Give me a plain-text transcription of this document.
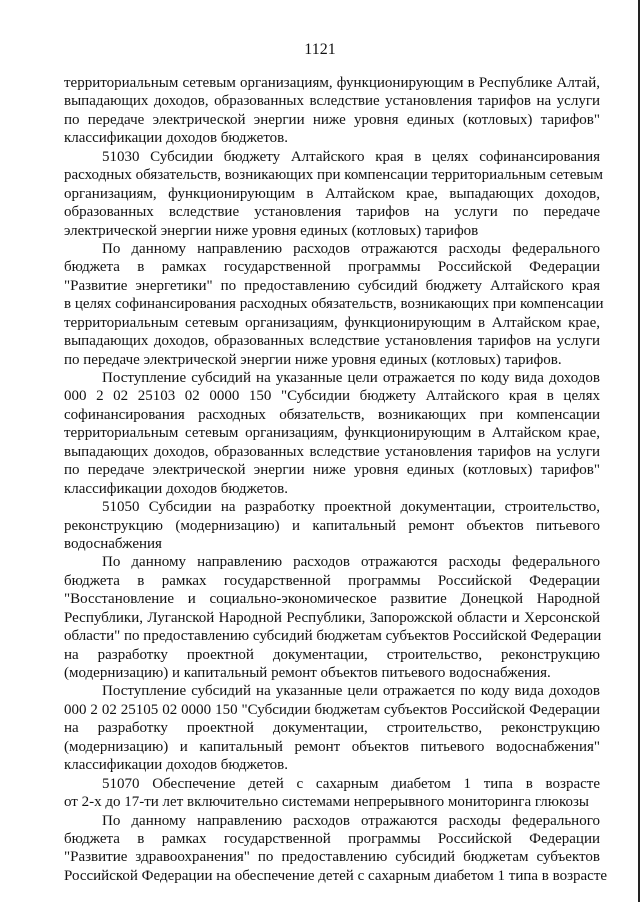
1121
территориальным сетевым организациям, функционирующим в Республике Алтай,
выпадающих доходов, образованных вследствие установления тарифов на услуги
по передаче электрической энергии ниже уровня единых (котловых) тарифов"
классификации доходов бюджетов.
51030 Субсидии бюджету Алтайского края в целях софинансирования
расходных обязательств, возникающих при компенсации территориальным сетевым
организациям, функционирующим в Алтайском крае, выпадающих доходов,
образованных вследствие установления тарифов на услуги по передаче
электрической энергии ниже уровня единых (котловых) тарифов
По данному направлению расходов отражаются расходы федерального
бюджета в рамках государственной программы Российской Федерации
"Развитие энергетики" по предоставлению субсидий бюджету Алтайского края
в целях софинансирования расходных обязательств, возникающих при компенсации
территориальным сетевым организациям, функционирующим в Алтайском крае,
выпадающих доходов, образованных вследствие установления тарифов на услуги
по передаче электрической энергии ниже уровня единых (котловых) тарифов.
Поступление субсидий на указанные цели отражается по коду вида доходов
000 2 02 25103 02 0000 150 "Субсидии бюджету Алтайского края в целях
софинансирования расходных обязательств, возникающих при компенсации
территориальным сетевым организациям, функционирующим в Алтайском крае,
выпадающих доходов, образованных вследствие установления тарифов на услуги
по передаче электрической энергии ниже уровня единых (котловых) тарифов"
классификации доходов бюджетов.
51050 Субсидии на разработку проектной документации, строительство,
реконструкцию (модернизацию) и капитальный ремонт объектов питьевого
водоснабжения
По данному направлению расходов отражаются расходы федерального
бюджета в рамках государственной программы Российской Федерации
"Восстановление и социально-экономическое развитие Донецкой Народной
Республики, Луганской Народной Республики, Запорожской области и Херсонской
области" по предоставлению субсидий бюджетам субъектов Российской Федерации
на разработку проектной документации, строительство, реконструкцию
(модернизацию) и капитальный ремонт объектов питьевого водоснабжения.
Поступление субсидий на указанные цели отражается по коду вида доходов
000 2 02 25105 02 0000 150 "Субсидии бюджетам субъектов Российской Федерации
на разработку проектной документации, строительство, реконструкцию
(модернизацию) и капитальный ремонт объектов питьевого водоснабжения"
классификации доходов бюджетов.
51070 Обеспечение детей с сахарным диабетом 1 типа в возрасте
от 2-х до 17-ти лет включительно системами непрерывного мониторинга глюкозы
По данному направлению расходов отражаются расходы федерального
бюджета в рамках государственной программы Российской Федерации
"Развитие здравоохранения" по предоставлению субсидий бюджетам субъектов
Российской Федерации на обеспечение детей с сахарным диабетом 1 типа в возрасте
